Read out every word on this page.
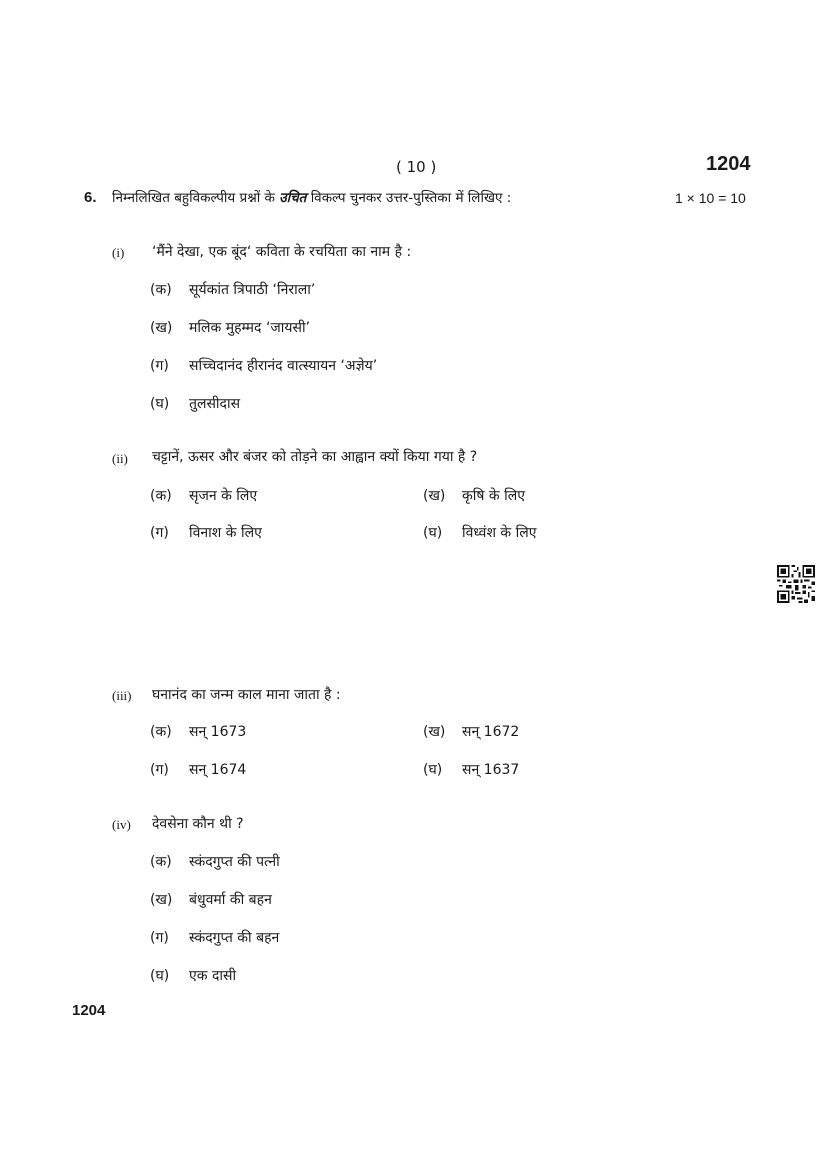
( 10 )	1204
6. निम्नलिखित बहुविकल्पीय प्रश्नों के उचित विकल्प चुनकर उत्तर-पुस्तिका में लिखिए :	1 × 10 = 10
(i) ‘मैंने देखा, एक बूंद‘ कविता के रचयिता का नाम है :
(क) सूर्यकांत त्रिपाठी ‘निराला’
(ख) मलिक मुहम्मद ‘जायसी’
(ग) सच्चिदानंद हीरानंद वात्स्यायन ‘अज्ञेय’
(घ) तुलसीदास
(ii) चट्टानें, ऊसर और बंजर को तोड़ने का आह्वान क्यों किया गया है ?
(क) सृजन के लिए	(ख) कृषि के लिए
(ग) विनाश के लिए	(घ) विध्वंश के लिए
(iii) घनानंद का जन्म काल माना जाता है :
(क) सन् 1673	(ख) सन् 1672
(ग) सन् 1674	(घ) सन् 1637
(iv) देवसेना कौन थी ?
(क) स्कंदगुप्त की पत्नी
(ख) बंधुवर्मा की बहन
(ग) स्कंदगुप्त की बहन
(घ) एक दासी
1204
